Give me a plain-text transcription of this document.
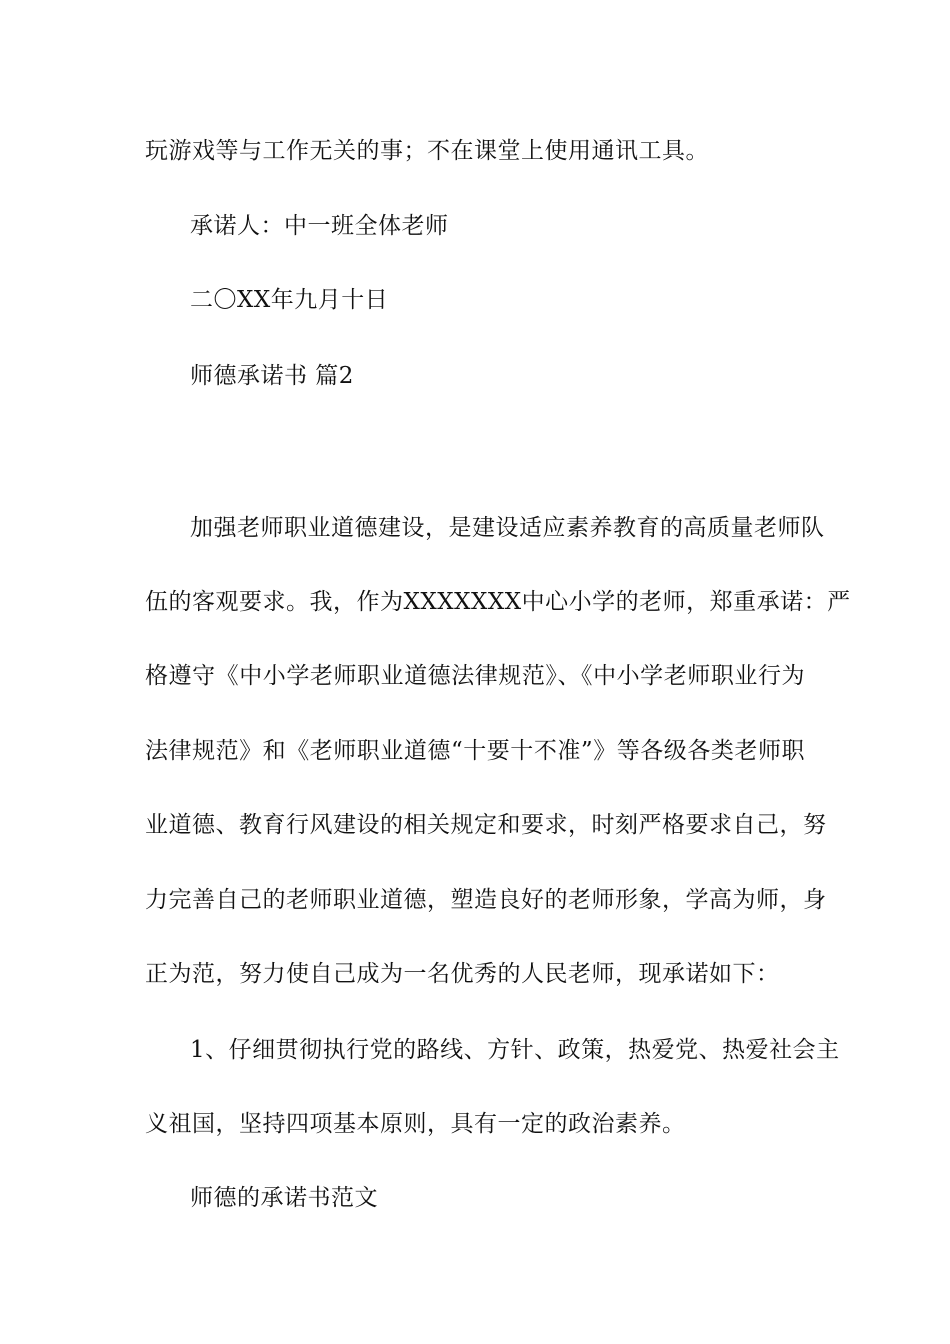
玩游戏等与工作无关的事；不在课堂上使用通讯工具。
承诺人：中一班全体老师
二〇XX年九月十日
师德承诺书 篇2
加强老师职业道德建设，是建设适应素养教育的高质量老师队
伍的客观要求。我，作为XXXXXXX中心小学的老师，郑重承诺：严
格遵守《中小学老师职业道德法律规范》、《中小学老师职业行为
法律规范》和《老师职业道德“十要十不准”》等各级各类老师职
业道德、教育行风建设的相关规定和要求，时刻严格要求自己，努
力完善自己的老师职业道德，塑造良好的老师形象，学高为师，身
正为范，努力使自己成为一名优秀的人民老师，现承诺如下：
1、仔细贯彻执行党的路线、方针、政策，热爱党、热爱社会主
义祖国，坚持四项基本原则，具有一定的政治素养。
师德的承诺书范文
